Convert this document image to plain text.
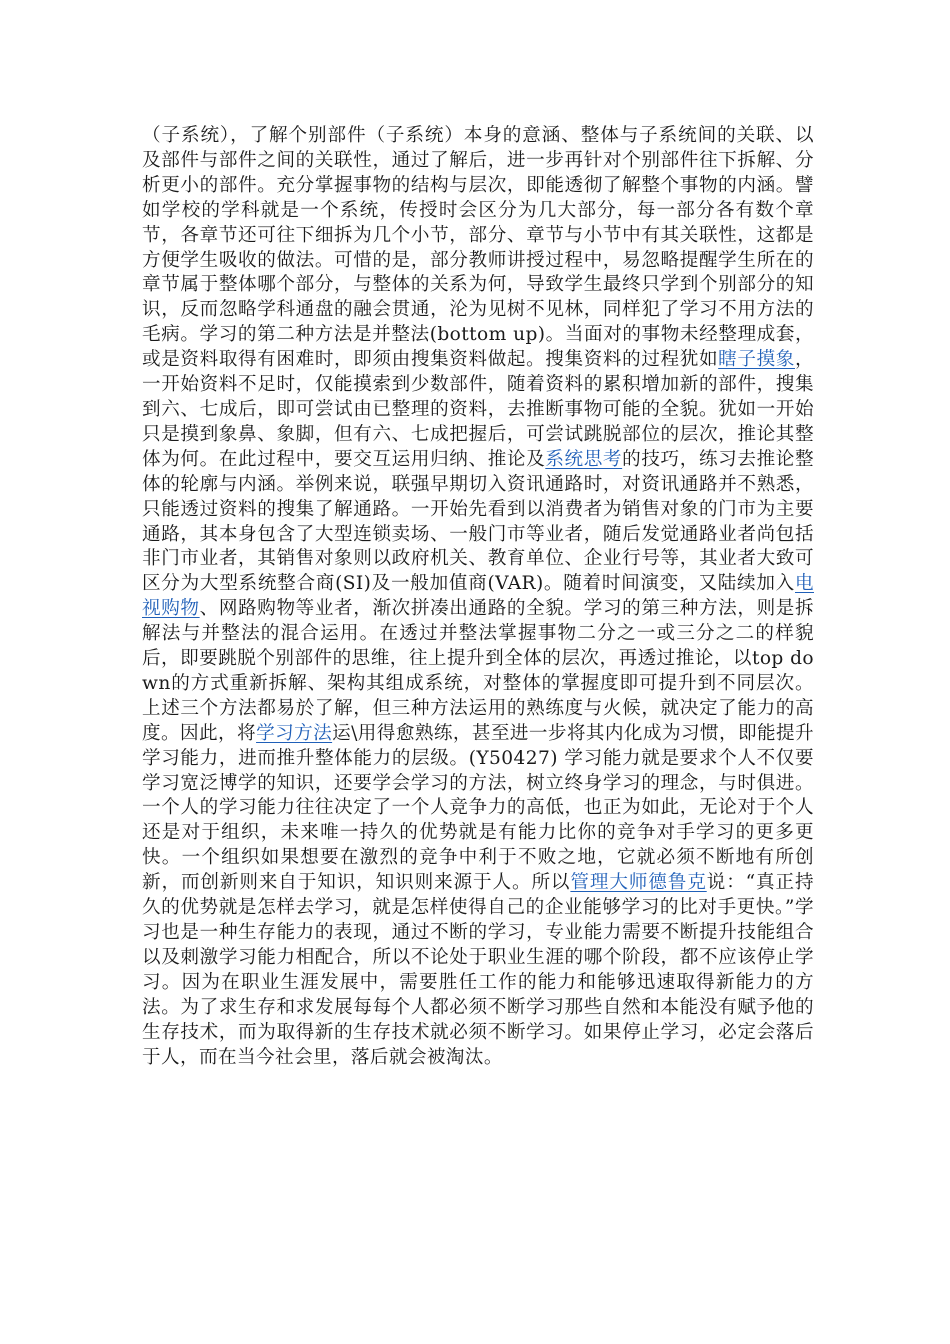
（子系统），了解个别部件（子系统）本身的意涵、整体与子系统间的关联、以及部件与部件之间的关联性，通过了解后，进一步再针对个别部件往下拆解、分析更小的部件。充分掌握事物的结构与层次，即能透彻了解整个事物的内涵。譬如学校的学科就是一个系统，传授时会区分为几大部分，每一部分各有数个章节，各章节还可往下细拆为几个小节，部分、章节与小节中有其关联性，这都是方便学生吸收的做法。可惜的是，部分教师讲授过程中，易忽略提醒学生所在的章节属于整体哪个部分，与整体的关系为何，导致学生最终只学到个别部分的知识，反而忽略学科通盘的融会贯通，沦为见树不见林，同样犯了学习不用方法的毛病。学习的第二种方法是并整法(bottom up)。当面对的事物未经整理成套，或是资料取得有困难时，即须由搜集资料做起。搜集资料的过程犹如瞎子摸象，一开始资料不足时，仅能摸索到少数部件，随着资料的累积增加新的部件，搜集到六、七成后，即可尝试由已整理的资料，去推断事物可能的全貌。犹如一开始只是摸到象鼻、象脚，但有六、七成把握后，可尝试跳脱部位的层次，推论其整体为何。在此过程中，要交互运用归纳、推论及系统思考的技巧，练习去推论整体的轮廓与内涵。举例来说，联强早期切入资讯通路时，对资讯通路并不熟悉，只能透过资料的搜集了解通路。一开始先看到以消费者为销售对象的门市为主要通路，其本身包含了大型连锁卖场、一般门市等业者，随后发觉通路业者尚包括非门市业者，其销售对象则以政府机关、教育单位、企业行号等，其业者大致可区分为大型系统整合商(SI)及一般加值商(VAR)。随着时间演变，又陆续加入电视购物、网路购物等业者，渐次拼凑出通路的全貌。学习的第三种方法，则是拆解法与并整法的混合运用。在透过并整法掌握事物二分之一或三分之二的样貌后，即要跳脱个别部件的思维，往上提升到全体的层次，再透过推论，以top down的方式重新拆解、架构其组成系统，对整体的掌握度即可提升到不同层次。上述三个方法都易於了解，但三种方法运用的熟练度与火候，就决定了能力的高度。因此，将学习方法运\用得愈熟练，甚至进一步将其内化成为习惯，即能提升学习能力，进而推升整体能力的层级。(Y50427) 学习能力就是要求个人不仅要学习宽泛博学的知识，还要学会学习的方法，树立终身学习的理念，与时俱进。一个人的学习能力往往决定了一个人竞争力的高低，也正为如此，无论对于个人还是对于组织，未来唯一持久的优势就是有能力比你的竞争对手学习的更多更快。一个组织如果想要在激烈的竞争中利于不败之地，它就必须不断地有所创新，而创新则来自于知识，知识则来源于人。所以管理大师德鲁克说：“真正持久的优势就是怎样去学习，就是怎样使得自己的企业能够学习的比对手更快。”学习也是一种生存能力的表现，通过不断的学习，专业能力需要不断提升技能组合以及刺激学习能力相配合，所以不论处于职业生涯的哪个阶段，都不应该停止学习。因为在职业生涯发展中，需要胜任工作的能力和能够迅速取得新能力的方法。为了求生存和求发展每每个人都必须不断学习那些自然和本能没有赋予他的生存技术，而为取得新的生存技术就必须不断学习。如果停止学习，必定会落后于人，而在当今社会里，落后就会被淘汰。
